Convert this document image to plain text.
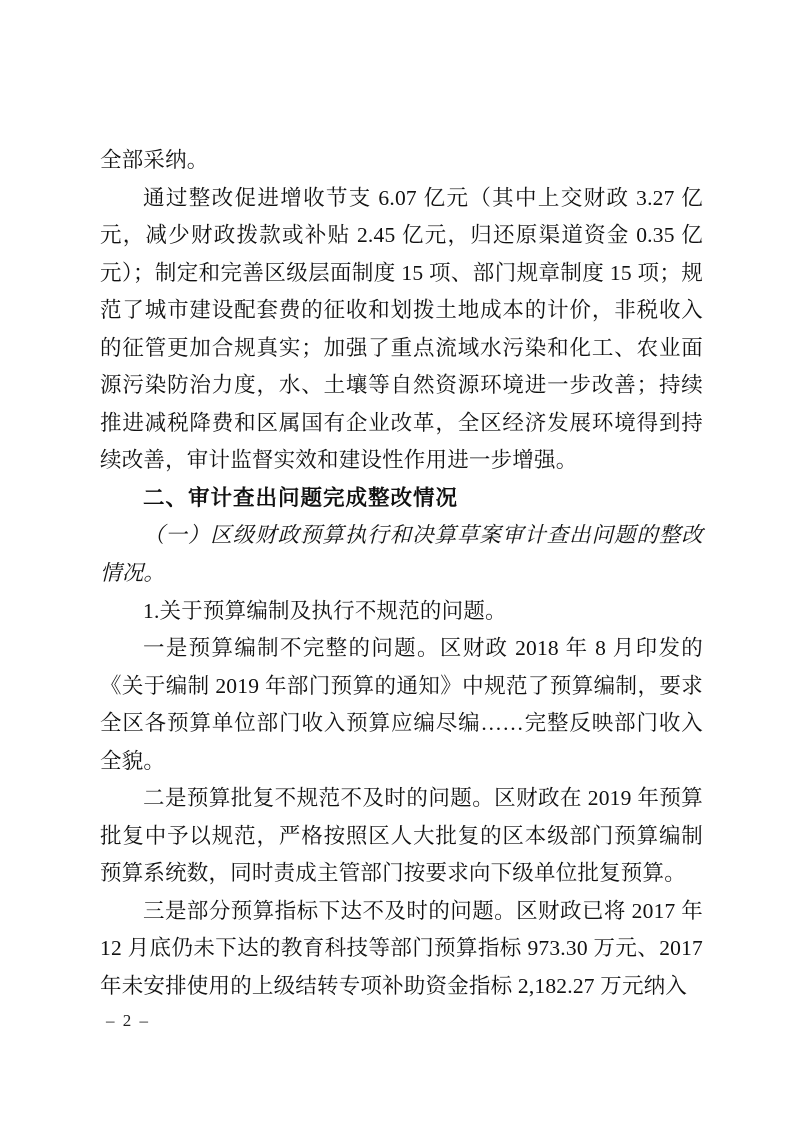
全部采纳。

通过整改促进增收节支 6.07 亿元（其中上交财政 3.27 亿元，减少财政拨款或补贴 2.45 亿元，归还原渠道资金 0.35 亿元）；制定和完善区级层面制度 15 项、部门规章制度 15 项；规范了城市建设配套费的征收和划拨土地成本的计价，非税收入的征管更加合规真实；加强了重点流域水污染和化工、农业面源污染防治力度，水、土壤等自然资源环境进一步改善；持续推进减税降费和区属国有企业改革，全区经济发展环境得到持续改善，审计监督实效和建设性作用进一步增强。

二、审计查出问题完成整改情况

（一）区级财政预算执行和决算草案审计查出问题的整改情况。

1.关于预算编制及执行不规范的问题。

一是预算编制不完整的问题。区财政 2018 年 8 月印发的《关于编制 2019 年部门预算的通知》中规范了预算编制，要求全区各预算单位部门收入预算应编尽编……完整反映部门收入全貌。

二是预算批复不规范不及时的问题。区财政在 2019 年预算批复中予以规范，严格按照区人大批复的区本级部门预算编制预算系统数，同时责成主管部门按要求向下级单位批复预算。

三是部分预算指标下达不及时的问题。区财政已将 2017 年 12 月底仍未下达的教育科技等部门预算指标 973.30 万元、2017 年未安排使用的上级结转专项补助资金指标 2,182.27 万元纳入

– 2 –
